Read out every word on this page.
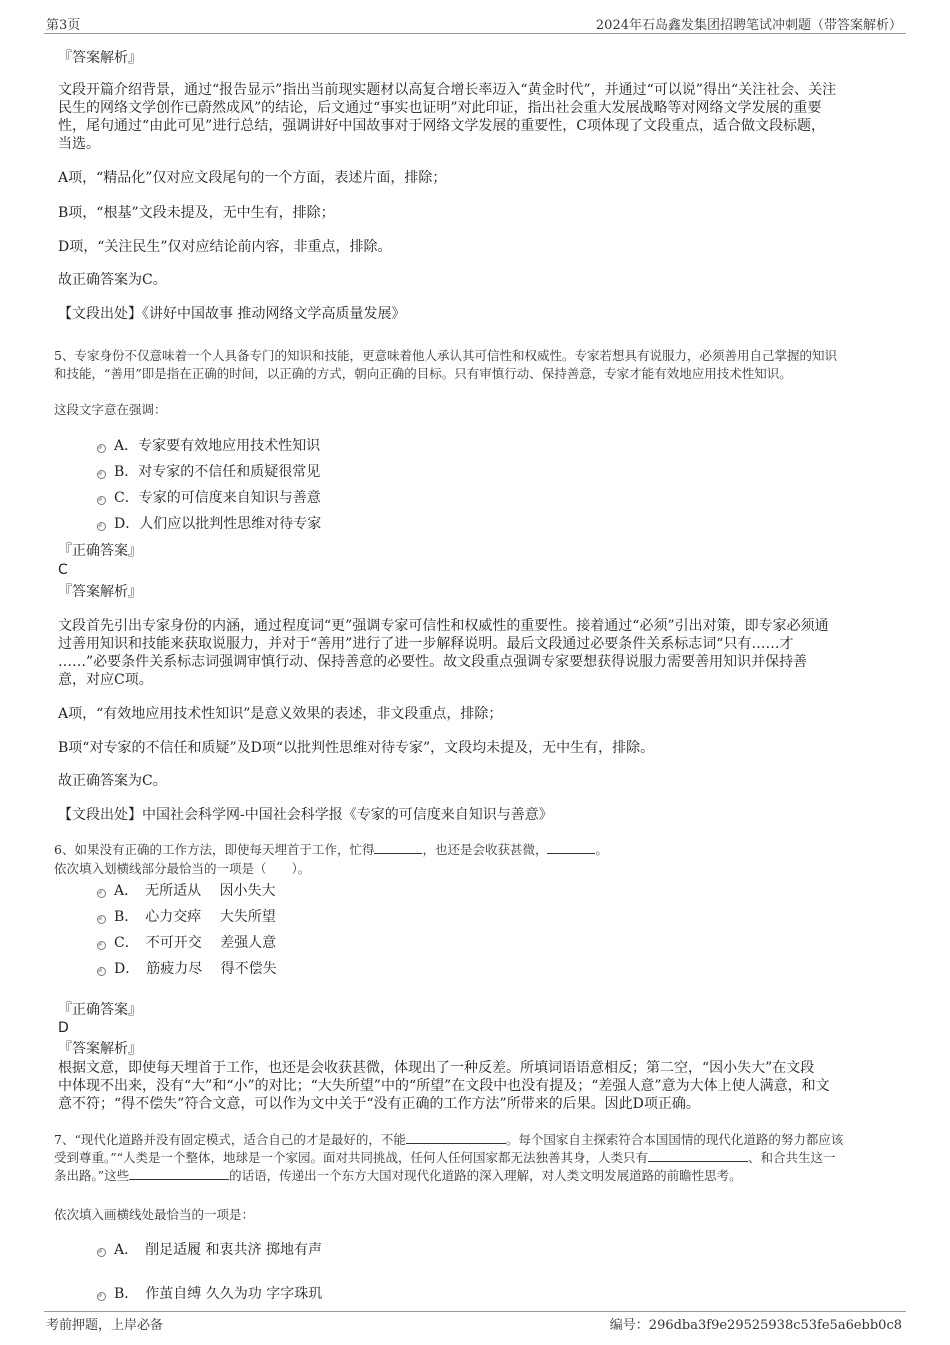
第3页	2024年石岛鑫发集团招聘笔试冲刺题（带答案解析）
『答案解析』
文段开篇介绍背景，通过“报告显示”指出当前现实题材以高复合增长率迈入“黄金时代”，并通过“可以说”得出“关注社会、关注
民生的网络文学创作已蔚然成风”的结论，后文通过“事实也证明”对此印证，指出社会重大发展战略等对网络文学发展的重要
性，尾句通过“由此可见”进行总结，强调讲好中国故事对于网络文学发展的重要性，C项体现了文段重点，适合做文段标题，
当选。
A项，“精品化”仅对应文段尾句的一个方面，表述片面，排除；
B项，“根基”文段未提及，无中生有，排除；
D项，“关注民生”仅对应结论前内容，非重点，排除。
故正确答案为C。
【文段出处】《讲好中国故事 推动网络文学高质量发展》
5、专家身份不仅意味着一个人具备专门的知识和技能，更意味着他人承认其可信性和权威性。专家若想具有说服力，必须善用自己掌握的知识
和技能，“善用”即是指在正确的时间，以正确的方式，朝向正确的目标。只有审慎行动、保持善意，专家才能有效地应用技术性知识。
这段文字意在强调：
A．专家要有效地应用技术性知识
B．对专家的不信任和质疑很常见
C．专家的可信度来自知识与善意
D．人们应以批判性思维对待专家
『正确答案』
C
『答案解析』
文段首先引出专家身份的内涵，通过程度词“更”强调专家可信性和权威性的重要性。接着通过“必须”引出对策，即专家必须通
过善用知识和技能来获取说服力，并对于“善用”进行了进一步解释说明。最后文段通过必要条件关系标志词“只有……才
……”必要条件关系标志词强调审慎行动、保持善意的必要性。故文段重点强调专家要想获得说服力需要善用知识并保持善
意，对应C项。
A项，“有效地应用技术性知识”是意义效果的表述，非文段重点，排除；
B项“对专家的不信任和质疑”及D项“以批判性思维对待专家”，文段均未提及，无中生有，排除。
故正确答案为C。
【文段出处】中国社会科学网-中国社会科学报《专家的可信度来自知识与善意》
6、如果没有正确的工作方法，即使每天埋首于工作，忙得	，也还是会收获甚微，	。
依次填入划横线部分最恰当的一项是（　　）。
A．　无所适从　 因小失大
B．　心力交瘁　 大失所望
C．　不可开交　 差强人意
D．　筋疲力尽　 得不偿失
『正确答案』
D
『答案解析』
根据文意，即使每天埋首于工作，也还是会收获甚微，体现出了一种反差。所填词语语意相反；第二空，“因小失大”在文段
中体现不出来，没有“大”和“小”的对比；“大失所望”中的“所望”在文段中也没有提及；“差强人意”意为大体上使人满意，和文
意不符；“得不偿失”符合文意，可以作为文中关于“没有正确的工作方法”所带来的后果。因此D项正确。
7、“现代化道路并没有固定模式，适合自己的才是最好的，不能	。每个国家自主探索符合本国国情的现代化道路的努力都应该
受到尊重。”“人类是一个整体，地球是一个家园。面对共同挑战，任何人任何国家都无法独善其身，人类只有	、和合共生这一
条出路。”这些	的话语，传递出一个东方大国对现代化道路的深入理解，对人类文明发展道路的前瞻性思考。
依次填入画横线处最恰当的一项是：
A．　削足适履 和衷共济 掷地有声
B．　作茧自缚 久久为功 字字珠玑
考前押题，上岸必备	编号：296dba3f9e29525938c53fe5a6ebb0c8
